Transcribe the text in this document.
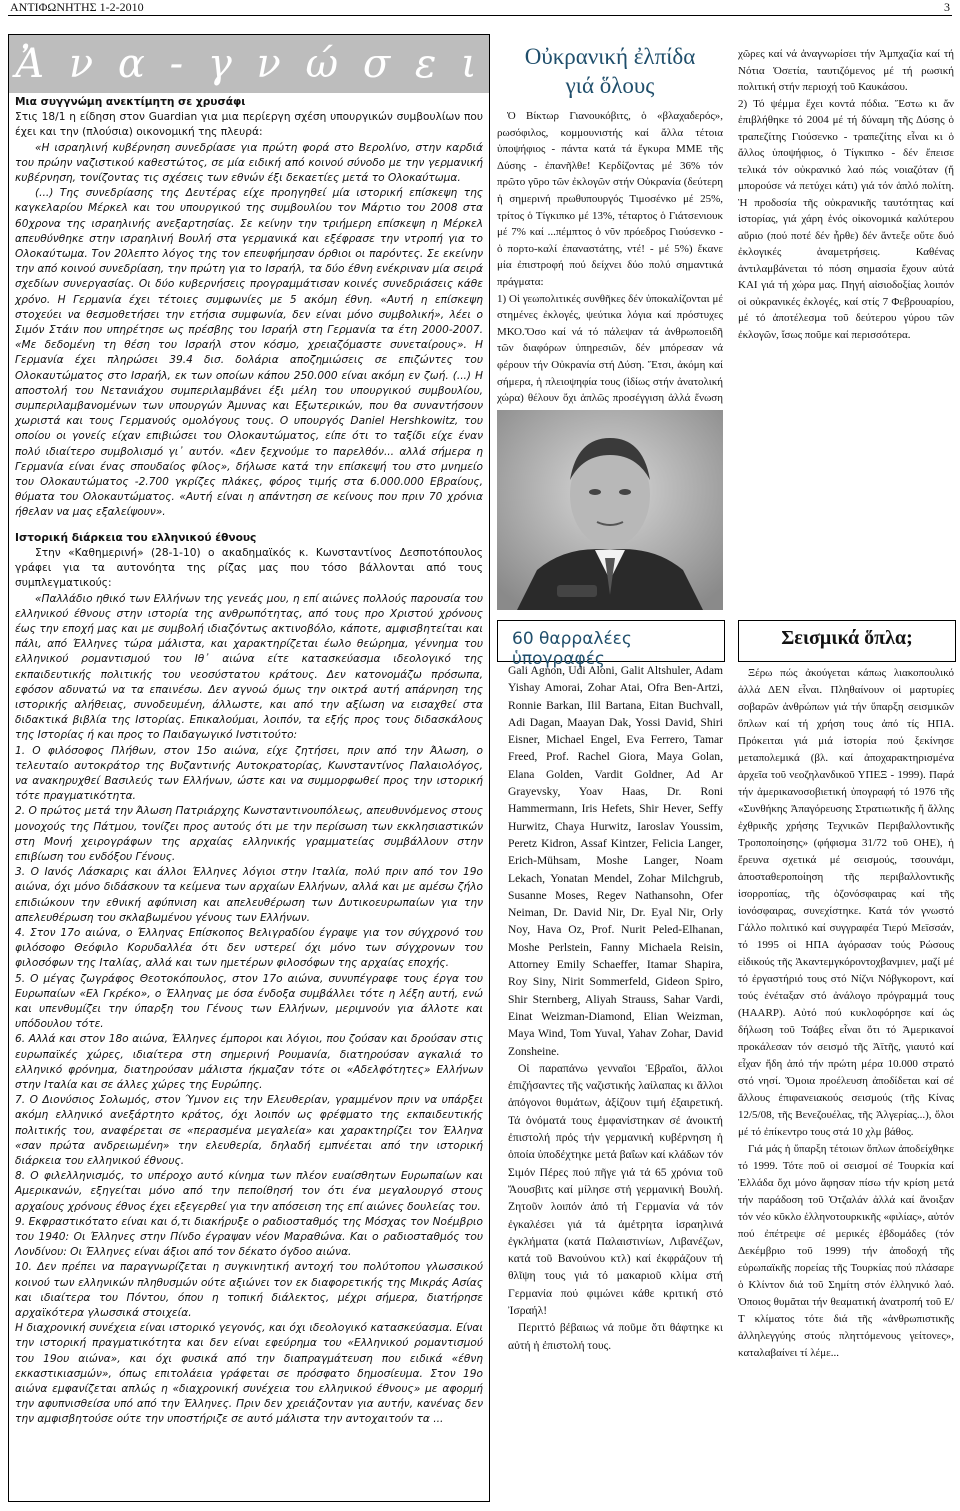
ΑΝΤΙΦΩΝΗΤΗΣ 1-2-2010	3
Ἀ ν α - γ ν ώ σ ε ι ς

Μια συγγνώμη ανεκτίμητη σε χρυσάφι

Στις 18/1 η είδηση στον Guardian για μια περίεργη σχέση υπουργικών συμβουλίων που έχει και την (πλούσια) οικονομική της πλευρά:

«Η ισραηλινή κυβέρνηση συνεδρίασε για πρώτη φορά στο Βερολίνο, στην καρδιά του πρώην ναζιστικού καθεστώτος, σε μία ειδική από κοινού σύνοδο με την γερμανική κυβέρνηση, τονίζοντας τις σχέσεις των εθνών έξι δεκαετίες μετά το Ολοκαύτωμα.

(...) Της συνεδρίασης της Δευτέρας είχε προηγηθεί μία ιστορική επίσκεψη της καγκελαρίου Μέρκελ και του υπουργικού της συμβουλίου τον Μάρτιο του 2008 στα 60χρονα της ισραηλινής ανεξαρτησίας. Σε κείνην την τριήμερη επίσκεψη η Μέρκελ απευθύνθηκε στην ισραηλινή Βουλή στα γερμανικά και εξέφρασε την ντροπή για το Ολοκαύτωμα. Τον 20λεπτο λόγος της τον επευφήμησαν όρθιοι οι παρόντες. Σε εκείνην την από κοινού συνεδρίαση, την πρώτη για το Ισραήλ, τα δύο έθνη ενέκριναν μία σειρά σχεδίων συνεργασίας. Οι δύο κυβερνήσεις προγραμμάτισαν κοινές συνεδριάσεις κάθε χρόνο. Η Γερμανία έχει τέτοιες συμφωνίες με 5 ακόμη έθνη. «Αυτή η επίσκεψη στοχεύει να θεσμοθετήσει την ετήσια συμφωνία, δεν είναι μόνο συμβολική», λέει ο Σιμόν Στάιν που υπηρέτησε ως πρέσβης του Ισραήλ στη Γερμανία τα έτη 2000-2007. «Με δεδομένη τη θέση του Ισραήλ στον κόσμο, χρειαζόμαστε συνεταίρους». Η Γερμανία έχει πληρώσει 39.4 δισ. δολάρια αποζημιώσεις σε επιζώντες του Ολοκαυτώματος στο Ισραήλ, εκ των οποίων κάπου 250.000 είναι ακόμη εν ζωή. (...) Η αποστολή του Νετανιάχου συμπεριλαμβάνει έξι μέλη του υπουργικού συμβουλίου, συμπεριλαμβανομένων των υπουργών Άμυνας και Εξωτερικών, που θα συναντήσουν χωριστά και τους Γερμανούς ομολόγους τους. Ο υπουργός Daniel Hershkowitz, του οποίου οι γονείς είχαν επιβιώσει του Ολοκαυτώματος, είπε ότι το ταξίδι είχε έναν πολύ ιδιαίτερο συμβολισμό γι᾽ αυτόν. «Δεν ξεχνούμε το παρελθόν... αλλά σήμερα η Γερμανία είναι ένας σπουδαίος φίλος», δήλωσε κατά την επίσκεψή του στο μνημείο του Ολοκαυτώματος -2.700 γκρίζες πλάκες, φόρος τιμής στα 6.000.000 Εβραίους, θύματα του Ολοκαυτώματος. «Αυτή είναι η απάντηση σε κείνους που πριν 70 χρόνια ήθελαν να μας εξαλείψουν».

Ιστορική διάρκεια του ελληνικού έθνους

Στην «Καθημερινή» (28-1-10) ο ακαδημαϊκός κ. Κωνσταντίνος Δεσποτόπουλος γράφει για τα αυτονόητα της ρίζας μας που τόσο βάλλονται από τους συμπλεγματικούς:

«Παλλάδιο ηθικό των Ελλήνων της γενεάς μου, η επί αιώνες πολλούς παρουσία του ελληνικού έθνους στην ιστορία της ανθρωπότητας, από τους προ Χριστού χρόνους έως την εποχή μας και με συμβολή ιδιαζόντως ακτινοβόλο, κάποτε, αμφισβητείται και πάλι, από Έλληνες τώρα μάλιστα, και χαρακτηρίζεται έωλο θεώρημα, γέννημα του ελληνικού ρομαντισμού του Ιθ᾽ αιώνα είτε κατασκεύασμα ιδεολογικό της εκπαιδευτικής πολιτικής του νεοσύστατου κράτους. Δεν κατονομάζω πρόσωπα, εφόσον αδυνατώ να τα επαινέσω. Δεν αγνοώ όμως την οικτρά αυτή απάρνηση της ιστορικής αλήθειας, συνοδευμένη, άλλωστε, και από την αξίωση να εισαχθεί στα διδακτικά βιβλία της Ιστορίας. Επικαλούμαι, λοιπόν, τα εξής προς τους διδασκάλους της Ιστορίας ή και προς το Παιδαγωγικό Ινστιτούτο:

1. Ο φιλόσοφος Πλήθων, στον 15ο αιώνα, είχε ζητήσει, πριν από την Άλωση, ο τελευταίο αυτοκράτορ της Βυζαντινής Αυτοκρατορίας, Κωνσταντίνος Παλαιολόγος, να ανακηρυχθεί Βασιλεύς των Ελλήνων, ώστε και να συμμορφωθεί προς την ιστορική τότε πραγματικότητα.

2. Ο πρώτος μετά την Άλωση Πατριάρχης Κωνσταντινουπόλεως, απευθυνόμενος στους μονοχούς της Πάτμου, τονίζει προς αυτούς ότι με την περίσωση των εκκλησιαστικών στη Μονή χειρογράφων της αρχαίας ελληνικής γραμματείας συμβάλλουν στην επιβίωση του ενδόξου Γένους.

3. Ο Ιανός Λάσκαρις και άλλοι Έλληνες λόγιοι στην Ιταλία, πολύ πριν από τον 19ο αιώνα, όχι μόνο διδάσκουν τα κείμενα των αρχαίων Ελλήνων, αλλά και με αμέσω ζήλο επιδιώκουν την εθνική αφύπνιση και απελευθέρωση των Δυτικοευρωπαίων για την απελευθέρωση του σκλαβωμένου γένους των Ελλήνων.

4. Στον 17ο αιώνα, ο Έλληνας Επίσκοπος Βελιγραδίου έγραψε για τον σύγχρονό του φιλόσοφο Θεόφιλο Κορυδαλλέα ότι δεν υστερεί όχι μόνο των σύγχρονων του φιλοσόφων της Ιταλίας, αλλά και των ημετέρων φιλοσόφων της αρχαίας εποχής.

5. Ο μέγας ζωγράφος Θεοτοκόπουλος, στον 17ο αιώνα, συνυπέγραφε τους έργα του Ευρωπαίων «Ελ Γκρέκο», ο Έλληνας με όσα ένδοξα συμβάλλει τότε η λέξη αυτή, ενώ και υπενθυμίζει την ύπαρξη του Γένους των Ελλήνων, μεριμνούν για άλλοτε και υπόδουλου τότε.

6. Αλλά και στον 18ο αιώνα, Έλληνες έμποροι και λόγιοι, που ζούσαν και δρούσαν στις ευρωπαϊκές χώρες, ιδιαίτερα στη σημερινή Ρουμανία, διατηρούσαν αγκαλιά το ελληνικό φρόνημα, διατηρούσαν μάλιστα ήκμαζαν τότε οι «Αδελφότητες» Ελλήνων στην Ιταλία και σε άλλες χώρες της Ευρώπης.

7. Ο Διονύσιος Σολωμός, στον Ύμνον εις την Ελευθερίαν, γραμμένον πριν να υπάρξει ακόμη ελληνικό ανεξάρτητο κράτος, όχι λοιπόν ως φρέφματο της εκπαιδευτικής πολιτικής του, αναφέρεται σε «περασμένα μεγαλεία» και χαρακτηρίζει τον Έλληνα «σαν πρώτα ανδρειωμένη» την ελευθερία, δηλαδή εμπνέεται από την ιστορική διάρκεια του ελληνικού έθνους.

8. Ο φιλελληνισμός, το υπέροχο αυτό κίνημα των πλέον ευαίσθητων Ευρωπαίων και Αμερικανών, εξηγείται μόνο από την πεποίθησή τον ότι ένα μεγαλουργό στους αρχαίους χρόνους έθνος έχει εξεγερθεί για την απόσειση της επί αιώνες δουλείας του.

9. Εκφραστικότατο είναι και ό,τι διακήρυξε ο ραδιοσταθμός της Μόσχας τον Νοέμβριο του 1940: Οι Έλληνες στην Πίνδο έγραψαν νέον Μαραθώνα. Και ο ραδιοσταθμός του Λονδίνου: Οι Έλληνες είναι άξιοι από τον δέκατο όγδοο αιώνα.

10. Δεν πρέπει να παραγνωρίζεται η συγκινητική αντοχή του πολύτοπου γλωσσικού κοινού των ελληνικών πληθυσμών ούτε αξιώνει τον εκ διαφορετικής της Μικράς Ασίας και ιδιαίτερα του Πόντου, όπου η τοπική διάλεκτος, μέχρι σήμερα, διατήρησε αρχαϊκότερα γλωσσικά στοιχεία.

Η διαχρονική συνέχεια είναι ιστορικό γεγονός, και όχι ιδεολογικό κατασκεύασμα. Είναι την ιστορική πραγματικότητα και δεν είναι εφεύρημα του «Ελληνικού ρομαντισμού του 19ου αιώνα», και όχι φυσικά από την διαπραγμάτευση που ειδικά «έθνη εκκαστικιασμών», όπως επιτολάεια γράφεται σε πρόσφατο δημοσίευμα. Στον 19ο αιώνα εμφανίζεται απλώς η «διαχρονική συνέχεια του ελληνικού έθνους» με αφορμή την αφυπνισθείσα υπό από την Έλληνες. Πριν δεν χρειάζονταν για αυτήν, κανένας δεν την αμφισβητούσε ούτε την υποστήριζε σε αυτό μάλιστα την αντοχαιτούν τα ...

Οὐκρανική ἐλπίδα
γιά ὅλους

Ὁ Βίκτωρ Γιανουκόβιτς, ὁ «βλαχαδερός», ρωσόφιλος, κομμουνιστής καί ἄλλα τέτοια ὑποψήφιος - πάντα κατά τά ἔγκυρα ΜΜΕ τῆς Δύσης - ἐπανῆλθε! Κερδίζοντας μέ 36% τόν πρῶτο γῦρο τῶν ἐκλογῶν στήν Οὐκρανία (δεύτερη ἡ σημερινή πρωθυπουργός Τιμοσένκο μέ 25%, τρίτος ὁ Τίγκιπκο μέ 13%, τέταρτος ὁ Γιάτσενιουκ μέ 7% καί ...πέμπτος ὁ νῦν πρόεδρος Γιούσενκο - ὁ πορτο-καλί ἐπαναστάτης, ντέ! - μέ 5%) ἔκανε μία ἐπιστροφή πού δείχνει δύο πολύ σημαντικά πράγματα:

1) Οἱ γεωπολιτικές συνθῆκες δέν ὑποκαλίζονται μέ στημένες ἐκλογές, ψεύτικα λόγια καί πρόστυχες ΜΚΟ.Ὅσο καί νά τό πάλεψαν τά ἀνθρωποειδῆ τῶν διαφόρων ὑπηρεσιῶν, δέν μπόρεσαν νά φέρουν τήν Οὐκρανία στή Δύση. Ἔτσι, ἀκόμη καί σήμερα, ἡ πλειοψηφία τους (ἰδίως στήν ἀνατολική χώρα) θέλουν ὄχι ἁπλῶς προσέγγιση ἀλλά ἕνωση

60 θαρραλέες ὑπογραφές

Gali Agnon, Udi Aloni, Galit Altshuler, Adam Yishay Amorai, Zohar Atai, Ofra Ben-Artzi, Ronnie Barkan, Ilil Bartana, Eitan Buchvall, Adi Dagan, Maayan Dak, Yossi David, Shiri Eisner, Michael Engel, Eva Ferrero, Tamar Freed, Prof. Rachel Giora, Maya Golan, Elana Golden, Vardit Goldner, Ad Ar Grayevsky, Yoav Haas, Dr. Roni Hammermann, Iris Hefets, Shir Hever, Seffy Hurwitz, Chaya Hurwitz, Iaroslav Youssim, Peretz Kidron, Assaf Kintzer, Felicia Langer, Erich-Mühsam, Moshe Langer, Noam Lekach, Yonatan Mendel, Zohar Milchgrub, Susanne Moses, Regev Nathansohn, Ofer Neiman, Dr. David Nir, Dr. Eyal Nir, Orly Noy, Hava Oz, Prof. Nurit Peled-Elhanan, Moshe Perlstein, Fanny Michaela Reisin, Attorney Emily Schaeffer, Itamar Shapira, Roy Siny, Nirit Sommerfeld, Gideon Spiro, Shir Sternberg, Aliyah Strauss, Sahar Vardi, Einat Weizman-Diamond, Elian Weizman, Maya Wind, Tom Yuval, Yahav Zohar, David Zonsheine.

Οἱ παραπάνω γενναῖοι Ἑβραῖοι, ἄλλοι ἐπιζήσαντες τῆς ναζιστικής λαίλαπας κι ἄλλοι ἀπόγονοι θυμάτων, ἀξίζουν τιμή ἐξαιρετική. Τά ὀνόματά τους ἐμφανίστηκαν σέ ἀνοικτή ἐπιστολή πρός τήν γερμανική κυβέρνηση ἡ ὁποία ὑποδέχτηκε μετά βαΐων καί κλάδων τόν Σιμόν Πέρες πού πῆγε γιά τά 65 χρόνια τοῦ Ἄουσβιτς καί μίλησε στή γερμανική Βουλή. Ζητοῦν λοιπόν ἀπό τή Γερμανία νά τόν ἐγκαλέσει γιά τά ἀμέτρητα ἰσραηλινά ἐγκλήματα (κατά Παλαιστινίων, Λιβανέζων, κατά τοῦ Βανούνου κτλ) καί ἐκφράζουν τή θλῖψη τους γιά τό μακαριοῦ κλίμα στή Γερμανία πού φιμώνει κάθε κριτική στό Ἰσραήλ!

Περιττό βέβαιως νά ποῦμε ὅτι θάφτηκε κι αὐτή ἡ ἐπιστολή τους.

χῶρες καί νά ἀναγνωρίσει τήν Ἀμπχαζία καί τή Νότια Ὀσετία, ταυτιζόμενος μέ τή ρωσική πολιτική στήν περιοχή τοῦ Καυκάσου.

2) Τό ψέμμα ἔχει κοντά πόδια. Ἔστω κι ἄν ἐπιβλήθηκε τό 2004 μέ τή δύναμη τῆς Δύσης ὁ τραπεζίτης Γιούσενκο - τραπεζίτης εἶναι κι ὁ ἄλλος ὑποψήφιος, ὁ Τίγκιπκο - δέν ἔπεισε τελικά τόν οὐκρανικό λαό πώς νοιαζόταν (ἤ μπορούσε νά πετύχει κάτι) γιά τόν ἁπλό πολίτη. Ἡ προδοσία τῆς οὐκρανικῆς ταυτότητας καί ἱστορίας, γιά χάρη ἑνός οἰκονομικά καλύτερου αὔριο (πού ποτέ δέν ἦρθε) δέν ἄντεξε οὔτε δυό ἐκλογικές ἀναμετρήσεις. Καθένας ἀντιλαμβάνεται τό πόση σημασία ἔχουν αὐτά ΚΑΙ γιά τή χώρα μας. Πηγή αἰσιοδοξίας λοιπόν οἱ οὐκρανικές ἐκλογές, καί στίς 7 Φεβρουαρίου, μέ τό ἀποτέλεσμα τοῦ δεύτερου γύρου τῶν ἐκλογῶν, ἴσως ποῦμε καί περισσότερα.

Σεισμικά ὅπλα;

Ξέρω πώς ἀκούγεται κάπως λιακοπουλικό ἀλλά ΔΕΝ εἶναι. Πληθαίνουν οἱ μαρτυρίες σοβαρῶν ἀνθρώπων γιά τήν ὕπαρξη σεισμικῶν ὅπλων καί τή χρήση τους ἀπό τίς ΗΠΑ. Πρόκειται γιά μιά ἱστορία πού ξεκίνησε μεταπολεμικά (βλ. καί ἀποχαρακτηρισμένα ἀρχεῖα τοῦ νεοζηλανδικοῦ ΥΠΕΞ - 1999). Παρά τήν ἀμερικανοσοβιετική ὑπογραφή τό 1976 τῆς «Συνθήκης Ἀπαγόρευσης Στρατιωτικῆς ἤ ἄλλης ἐχθρικῆς χρήσης Τεχνικῶν Περιβαλλοντικῆς Τροποποίησης» (φήφισμα 31/72 τοῦ ΟΗΕ), ἡ ἔρευνα σχετικά μέ σεισμούς, τσουνάμι, ἀποσταθεροποίηση τῆς περιβαλλοντικῆς ἰσορροπίας, τῆς ὀζονόσφαιρας καί τῆς ἰονόσφαιρας, συνεχίστηκε. Κατά τόν γνωστό Γάλλο πολιτικό καί συγγραφέα Τιερύ Μεϊσσάν, τό 1995 οἱ ΗΠΑ ἀγόρασαν τούς Ρώσους εἰδικούς τῆς Ἀκαντεμγκόροντοχβανμιεν, μαζί μέ τό ἐργαστήριό τους στό Νίζνι Νόβγκοροντ, καί τούς ἐνέταξαν στό ἀνάλογο πρόγραμμά τους (HAARP). Αὐτό πού κυκλοφόρησε καί ὡς δήλωση τοῦ Τσάβες εἶναι ὅτι τό Ἀμερικανοί προκάλεσαν τόν σεισμό τῆς Ἀϊτῆς, γιαυτό καί εἶχαν ἤδη ἀπό τήν πρώτη μέρα 10.000 στρατό στό νησί. Ὅμοια προέλευση ἀποδίδεται καί σέ ἄλλους ἐπιφανειακούς σεισμούς (τῆς Κίνας 12/5/08, τῆς Βενεζουέλας, τῆς Ἀλγερίας...), ὅλοι μέ τό ἐπίκεντρο τους στά 10 χλμ βάθος.

Γιά μάς ἡ ὕπαρξη τέτοιων ὅπλων ἀποδείχθηκε τό 1999. Τότε ποῦ οἱ σεισμοί σέ Τουρκία καί Ἑλλάδα ὄχι μόνο ἄφησαν πίσω τήν κρίση μετά τήν παράδοση τοῦ Ὀτζαλάν ἀλλά καί ἄνοιξαν τόν νέο κῦκλο ἑλληνοτουρκικῆς «φιλίας», αὐτόν πού ἐπέτρεψε σέ μερικές ἑβδομάδες (τόν Δεκέμβριο τοῦ 1999) τήν ἀποδοχή τῆς εὐρωπαϊκῆς πορείας τῆς Τουρκίας πού πλάσαρε ὁ Κλίντον διά τοῦ Σημίτη στόν ἑλληνικό λαό. Ὁποιος θυμᾶται τήν θεαματική ἀνατροπή τοῦ Ε/Τ κλίματος τότε διά τῆς «ἀνθρωπιστικῆς ἀλληλεγγύης στούς πληττόμενους γείτονες», καταλαβαίνει τί λέμε...
